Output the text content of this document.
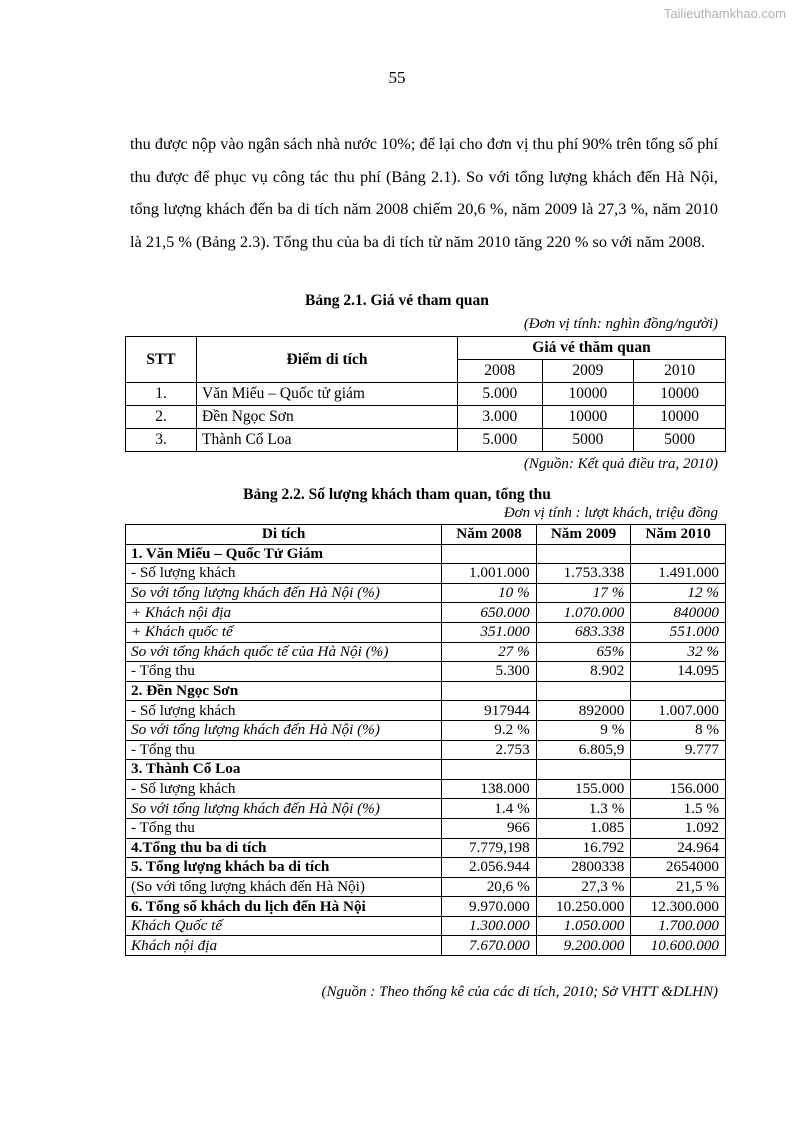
Tailieuthamkhao.com
55

thu được nộp vào ngân sách nhà nước 10%; để lại cho đơn vị thu phí 90% trên tổng số phí thu được để phục vụ công tác thu phí (Bảng 2.1). So với tổng lượng khách đến Hà Nội, tổng lượng khách đến ba di tích năm 2008 chiếm 20,6 %, năm 2009 là 27,3 %, năm 2010 là 21,5 % (Bảng 2.3). Tổng thu của ba di tích từ năm 2010 tăng 220 % so với năm 2008.

Bảng 2.1. Giá vé tham quan
(Đơn vị tính: nghìn đồng/người)
STT	Điểm di tích	Giá vé thăm quan		
		2008	2009	2010
1.	Văn Miếu – Quốc tử giám	5.000	10000	10000
2.	Đền Ngọc Sơn	3.000	10000	10000
3.	Thành Cổ Loa	5.000	5000	5000
(Nguồn: Kết quả điều tra, 2010)
Bảng 2.2. Số lượng khách tham quan, tổng thu
Đơn vị tính : lượt khách, triệu đồng
Di tích	Năm 2008	Năm 2009	Năm 2010
1. Văn Miếu – Quốc Tử Giám			
- Số lượng khách	1.001.000	1.753.338	1.491.000
So với tổng lượng khách đến Hà Nội (%)	10 %	17 %	12 %
+ Khách nội địa	650.000	1.070.000	840000
+ Khách quốc tế	351.000	683.338	551.000
So với tổng khách quốc tế của Hà Nội (%)	27 %	65%	32 %
- Tổng thu	5.300	8.902	14.095
2. Đền Ngọc Sơn			
- Số lượng khách	917944	892000	1.007.000
So với tổng lượng khách đến Hà Nội (%)	9.2 %	9 %	8 %
- Tổng thu	2.753	6.805,9	9.777
3. Thành Cổ Loa			
- Số lượng khách	138.000	155.000	156.000
So với tổng lượng khách đến Hà Nội (%)	1.4 %	1.3 %	1.5 %
- Tổng thu	966	1.085	1.092
4.Tổng thu ba di tích	7.779,198	16.792	24.964
5. Tổng lượng khách ba di tích	2.056.944	2800338	2654000
(So với tổng lượng khách đến Hà Nội)	20,6 %	27,3 %	21,5 %
6. Tổng số khách du lịch đến Hà Nội	9.970.000	10.250.000	12.300.000
Khách Quốc tế	1.300.000	1.050.000	1.700.000
Khách nội địa	7.670.000	9.200.000	10.600.000
(Nguồn : Theo thống kê của các di tích, 2010; Sở VHTT &DLHN)
